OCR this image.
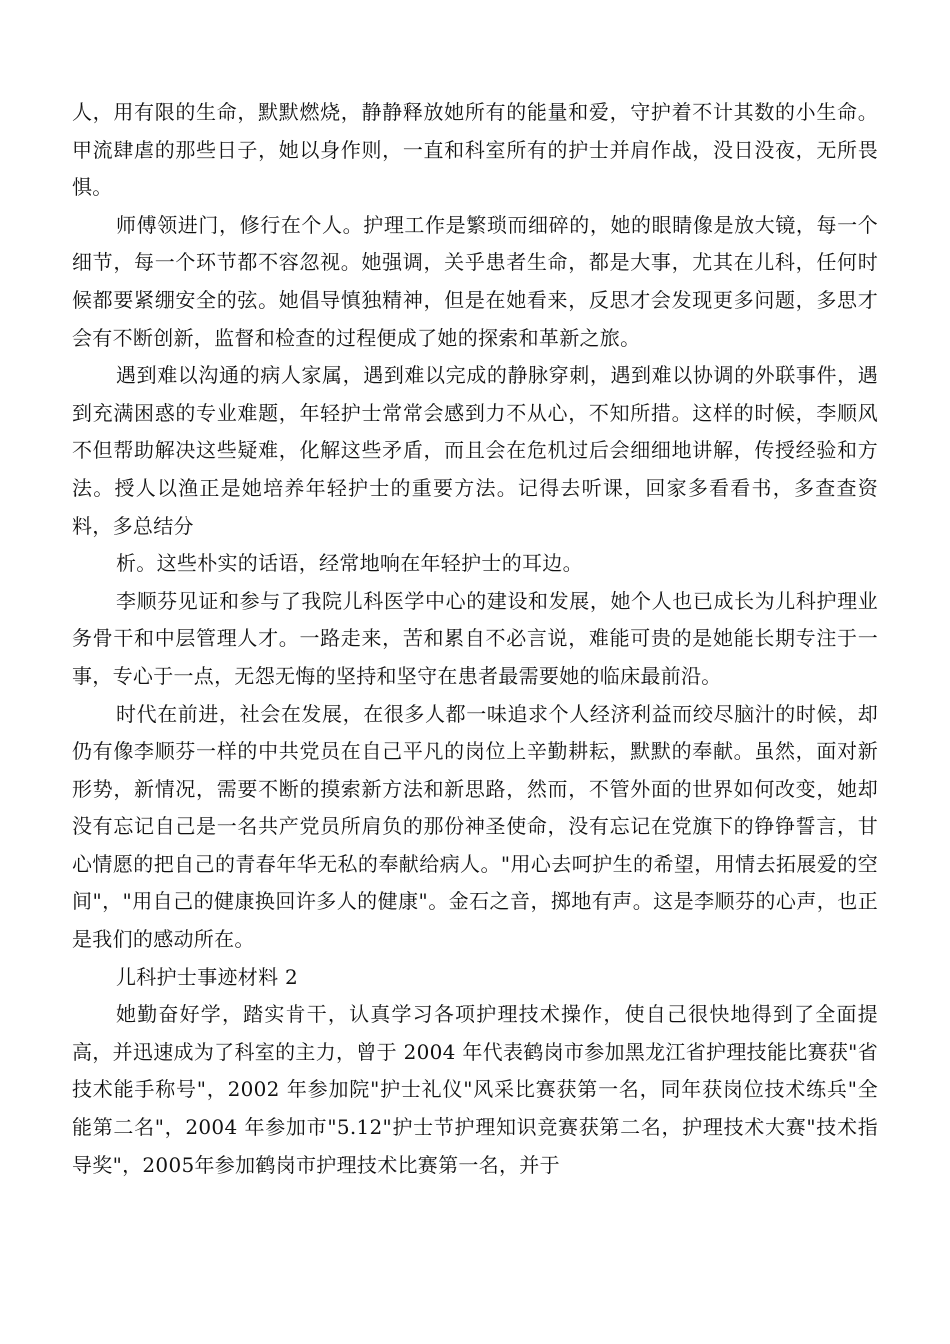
人，用有限的生命，默默燃烧，静静释放她所有的能量和爱，守护着不计其数的小生命。甲流肆虐的那些日子，她以身作则，一直和科室所有的护士并肩作战，没日没夜，无所畏惧。

师傅领进门，修行在个人。护理工作是繁琐而细碎的，她的眼睛像是放大镜，每一个细节，每一个环节都不容忽视。她强调，关乎患者生命，都是大事，尤其在儿科，任何时候都要紧绷安全的弦。她倡导慎独精神，但是在她看来，反思才会发现更多问题，多思才会有不断创新，监督和检查的过程便成了她的探索和革新之旅。

遇到难以沟通的病人家属，遇到难以完成的静脉穿刺，遇到难以协调的外联事件，遇到充满困惑的专业难题，年轻护士常常会感到力不从心，不知所措。这样的时候，李顺风不但帮助解决这些疑难，化解这些矛盾，而且会在危机过后会细细地讲解，传授经验和方法。授人以渔正是她培养年轻护士的重要方法。记得去听课，回家多看看书，多查查资料，多总结分

析。这些朴实的话语，经常地响在年轻护士的耳边。

李顺芬见证和参与了我院儿科医学中心的建设和发展，她个人也已成长为儿科护理业务骨干和中层管理人才。一路走来，苦和累自不必言说，难能可贵的是她能长期专注于一事，专心于一点，无怨无悔的坚持和坚守在患者最需要她的临床最前沿。

时代在前进，社会在发展，在很多人都一味追求个人经济利益而绞尽脑汁的时候，却仍有像李顺芬一样的中共党员在自己平凡的岗位上辛勤耕耘，默默的奉献。虽然，面对新形势，新情况，需要不断的摸索新方法和新思路，然而，不管外面的世界如何改变，她却没有忘记自己是一名共产党员所肩负的那份神圣使命，没有忘记在党旗下的铮铮誓言，甘心情愿的把自己的青春年华无私的奉献给病人。"用心去呵护生的希望，用情去拓展爱的空间"，"用自己的健康换回许多人的健康"。金石之音，掷地有声。这是李顺芬的心声，也正是我们的感动所在。

儿科护士事迹材料 2

她勤奋好学，踏实肯干，认真学习各项护理技术操作，使自己很快地得到了全面提高，并迅速成为了科室的主力，曾于 2004 年代表鹤岗市参加黑龙江省护理技能比赛获"省技术能手称号"，2002 年参加院"护士礼仪"风采比赛获第一名，同年获岗位技术练兵"全能第二名"，2004 年参加市"5.12"护士节护理知识竞赛获第二名，护理技术大赛"技术指导奖"，2005年参加鹤岗市护理技术比赛第一名，并于
